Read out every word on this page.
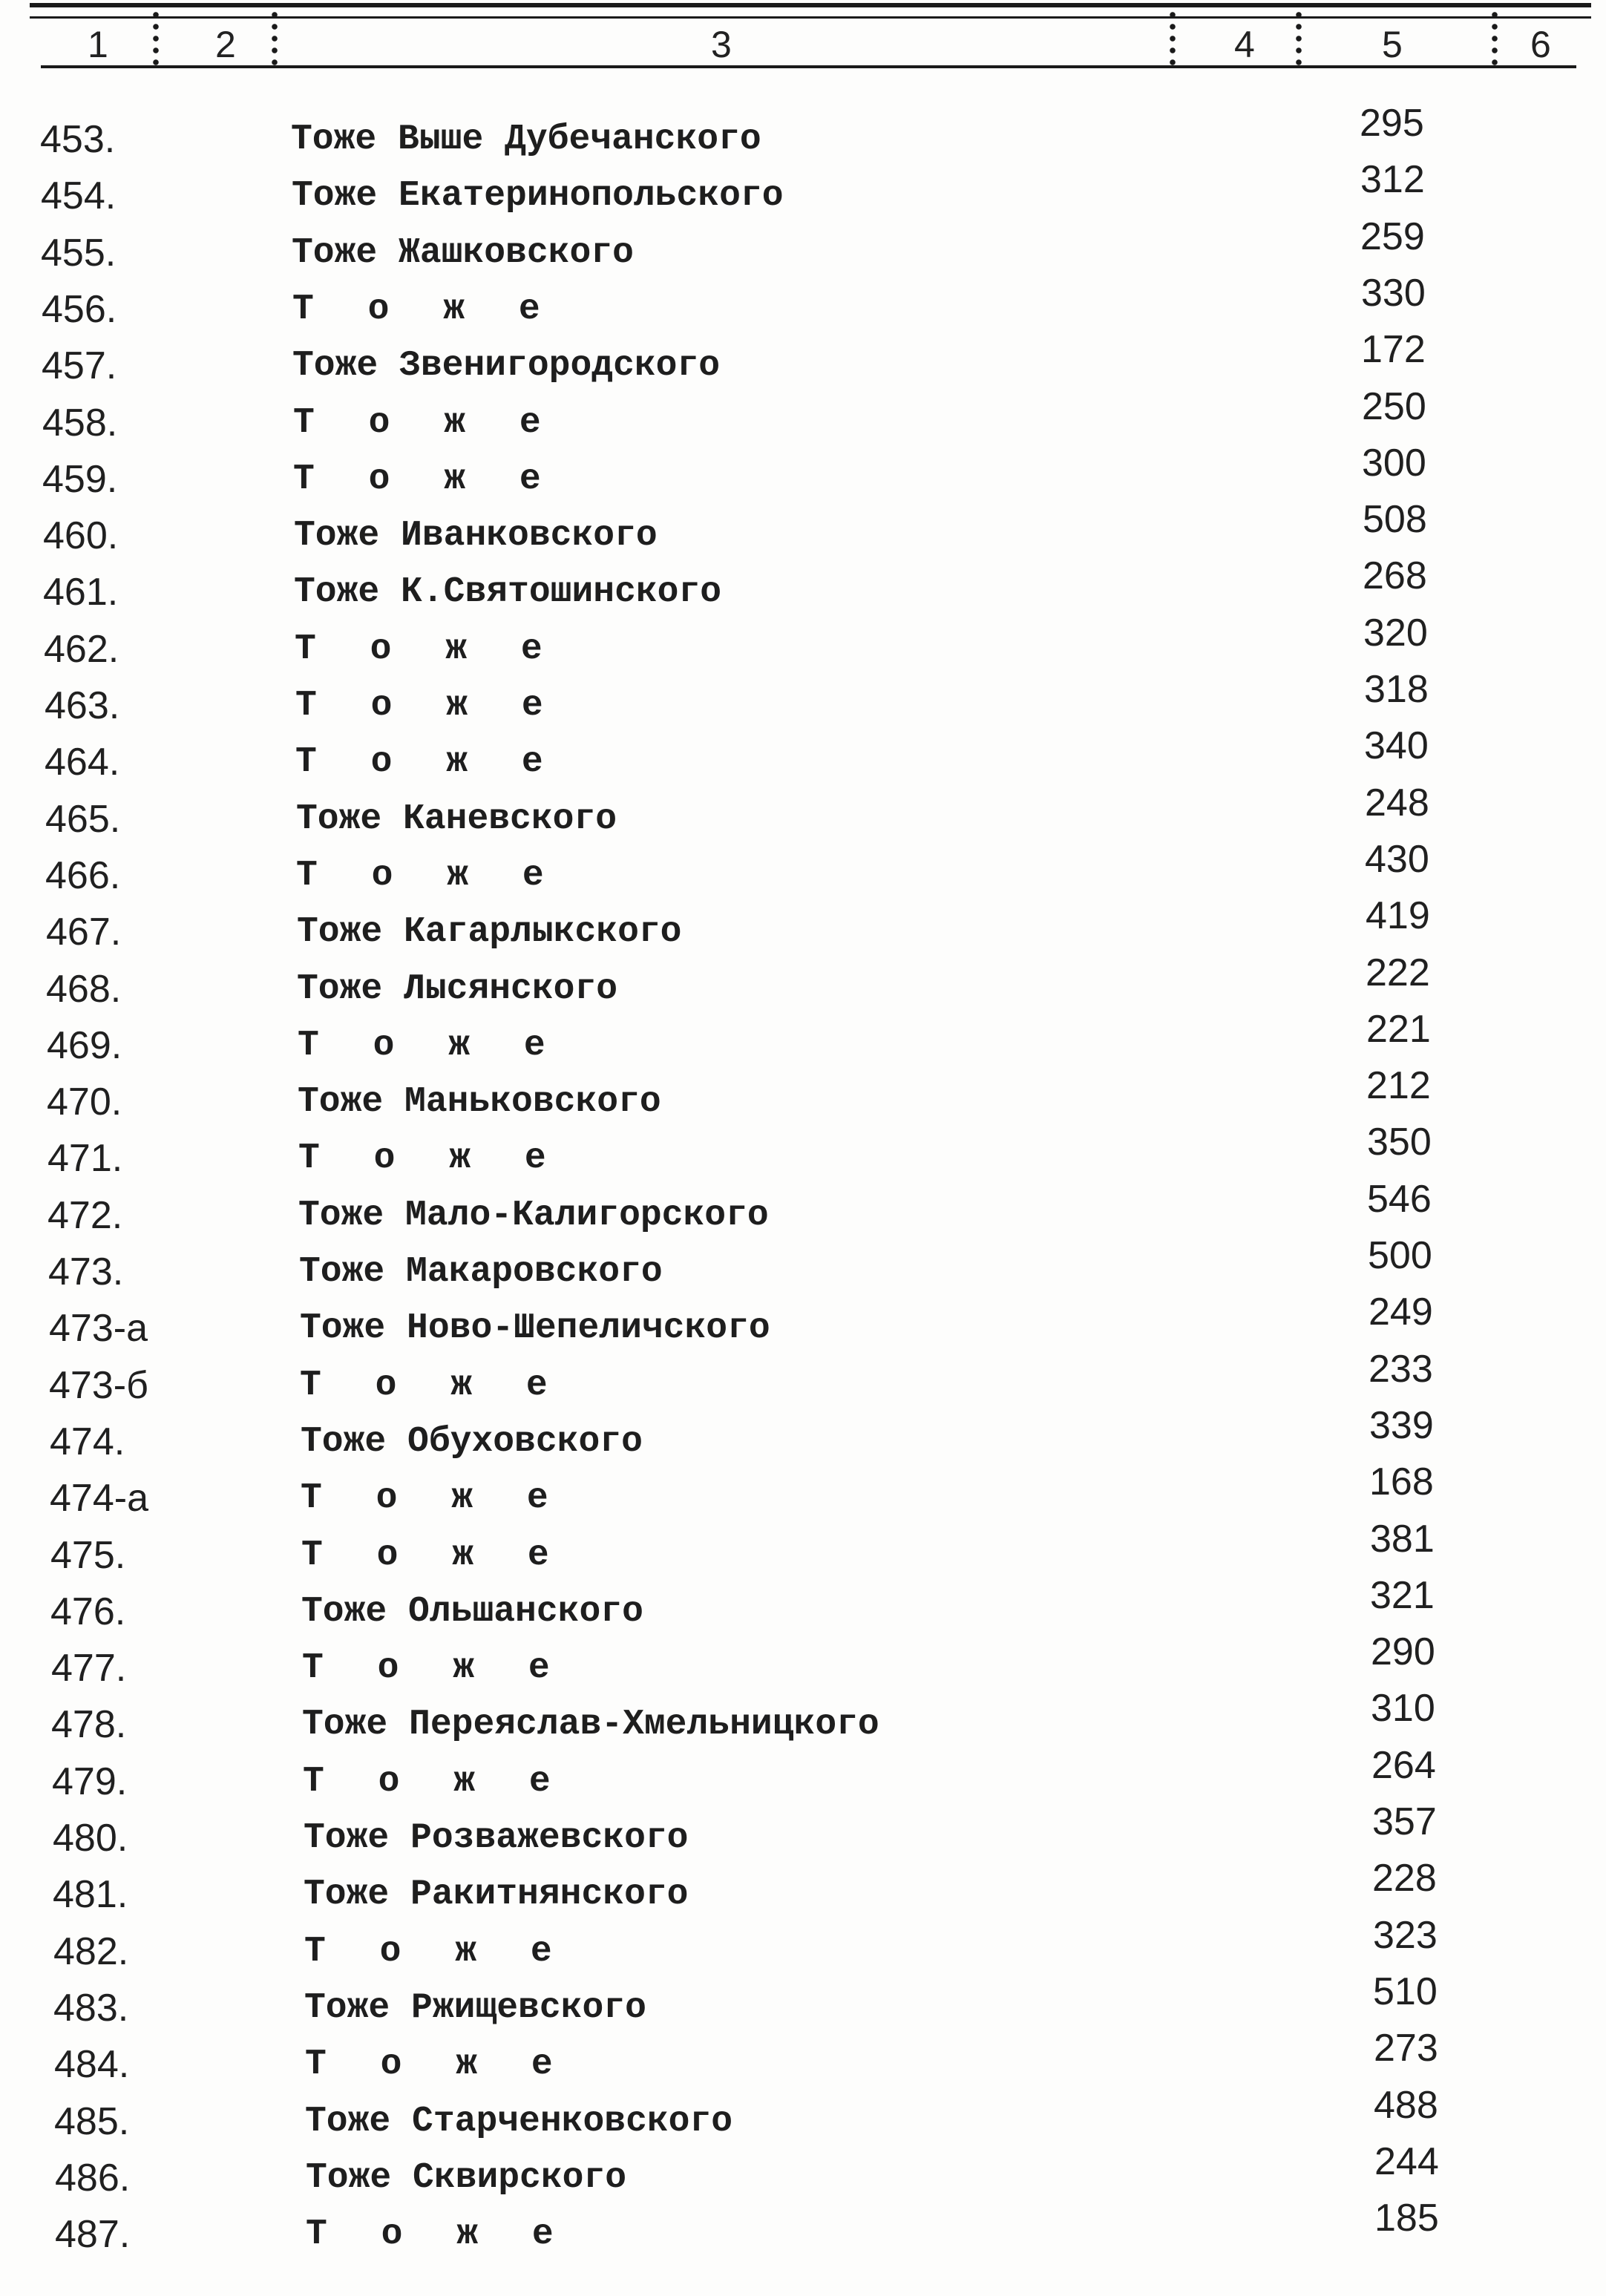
1	2	3	4	5	6
453.	Тоже Выше Дубечанского	295
454.	Тоже Екатеринопольского	312
455.	Тоже Жашковского	259
456.	Т о ж е	330
457.	Тоже Звенигородского	172
458.	Т о ж е	250
459.	Т о ж е	300
460.	Тоже Иванковского	508
461.	Тоже К.Святошинского	268
462.	Т о ж е	320
463.	Т о ж е	318
464.	Т о ж е	340
465.	Тоже Каневского	248
466.	Т о ж е	430
467.	Тоже Кагарлыкского	419
468.	Тоже Лысянского	222
469.	Т о ж е	221
470.	Тоже Маньковского	212
471.	Т о ж е	350
472.	Тоже Мало-Калигорского	546
473.	Тоже Макаровского	500
473-а	Тоже Ново-Шепеличского	249
473-б	Т о ж е	233
474.	Тоже Обуховского	339
474-а	Т о ж е	168
475.	Т о ж е	381
476.	Тоже Ольшанского	321
477.	Т о ж е	290
478.	Тоже Переяслав-Хмельницкого	310
479.	Т о ж е	264
480.	Тоже Розважевского	357
481.	Тоже Ракитнянского	228
482.	Т о ж е	323
483.	Тоже Ржищевского	510
484.	Т о ж е	273
485.	Тоже Старченковского	488
486.	Тоже Сквирского	244
487.	Т о ж е	185
